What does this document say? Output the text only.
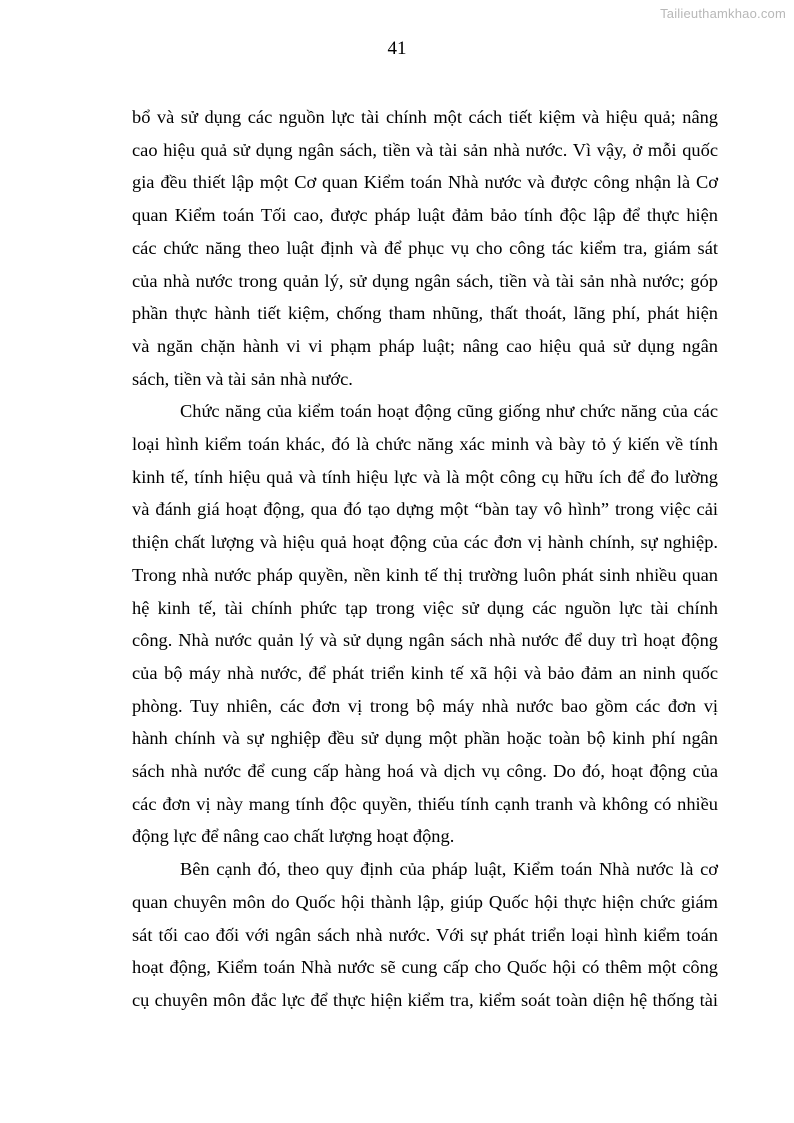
Tailieuthamkhao.com
41
bổ và sử dụng các nguồn lực tài chính một cách tiết kiệm và hiệu quả; nâng
cao hiệu quả sử dụng ngân sách, tiền và tài sản nhà nước. Vì vậy, ở mỗi quốc
gia đều thiết lập một Cơ quan Kiểm toán Nhà nước và được công nhận là Cơ
quan Kiểm toán Tối cao, được pháp luật đảm bảo tính độc lập để thực hiện
các chức năng theo luật định và để phục vụ cho công tác kiểm tra, giám sát
của nhà nước trong quản lý, sử dụng ngân sách, tiền và tài sản nhà nước; góp
phần thực hành tiết kiệm, chống tham nhũng, thất thoát, lãng phí, phát hiện
và ngăn chặn hành vi vi phạm pháp luật; nâng cao hiệu quả sử dụng ngân
sách, tiền và tài sản nhà nước.
Chức năng của kiểm toán hoạt động cũng giống như chức năng của các
loại hình kiểm toán khác, đó là chức năng xác minh và bày tỏ ý kiến về tính
kinh tế, tính hiệu quả và tính hiệu lực và là một công cụ hữu ích để đo lường
và đánh giá hoạt động, qua đó tạo dựng một “bàn tay vô hình” trong việc cải
thiện chất lượng và hiệu quả hoạt động của các đơn vị hành chính, sự nghiệp.
Trong nhà nước pháp quyền, nền kinh tế thị trường luôn phát sinh nhiều quan
hệ kinh tế, tài chính phức tạp trong việc sử dụng các nguồn lực tài chính
công. Nhà nước quản lý và sử dụng ngân sách nhà nước để duy trì hoạt động
của bộ máy nhà nước, để phát triển kinh tế xã hội và bảo đảm an ninh quốc
phòng. Tuy nhiên, các đơn vị trong bộ máy nhà nước bao gồm các đơn vị
hành chính và sự nghiệp đều sử dụng một phần hoặc toàn bộ kinh phí ngân
sách nhà nước để cung cấp hàng hoá và dịch vụ công. Do đó, hoạt động của
các đơn vị này mang tính độc quyền, thiếu tính cạnh tranh và không có nhiều
động lực để nâng cao chất lượng hoạt động.
Bên cạnh đó, theo quy định của pháp luật, Kiểm toán Nhà nước là cơ
quan chuyên môn do Quốc hội thành lập, giúp Quốc hội thực hiện chức giám
sát tối cao đối với ngân sách nhà nước. Với sự phát triển loại hình kiểm toán
hoạt động, Kiểm toán Nhà nước sẽ cung cấp cho Quốc hội có thêm một công
cụ chuyên môn đắc lực để thực hiện kiểm tra, kiểm soát toàn diện hệ thống tài
